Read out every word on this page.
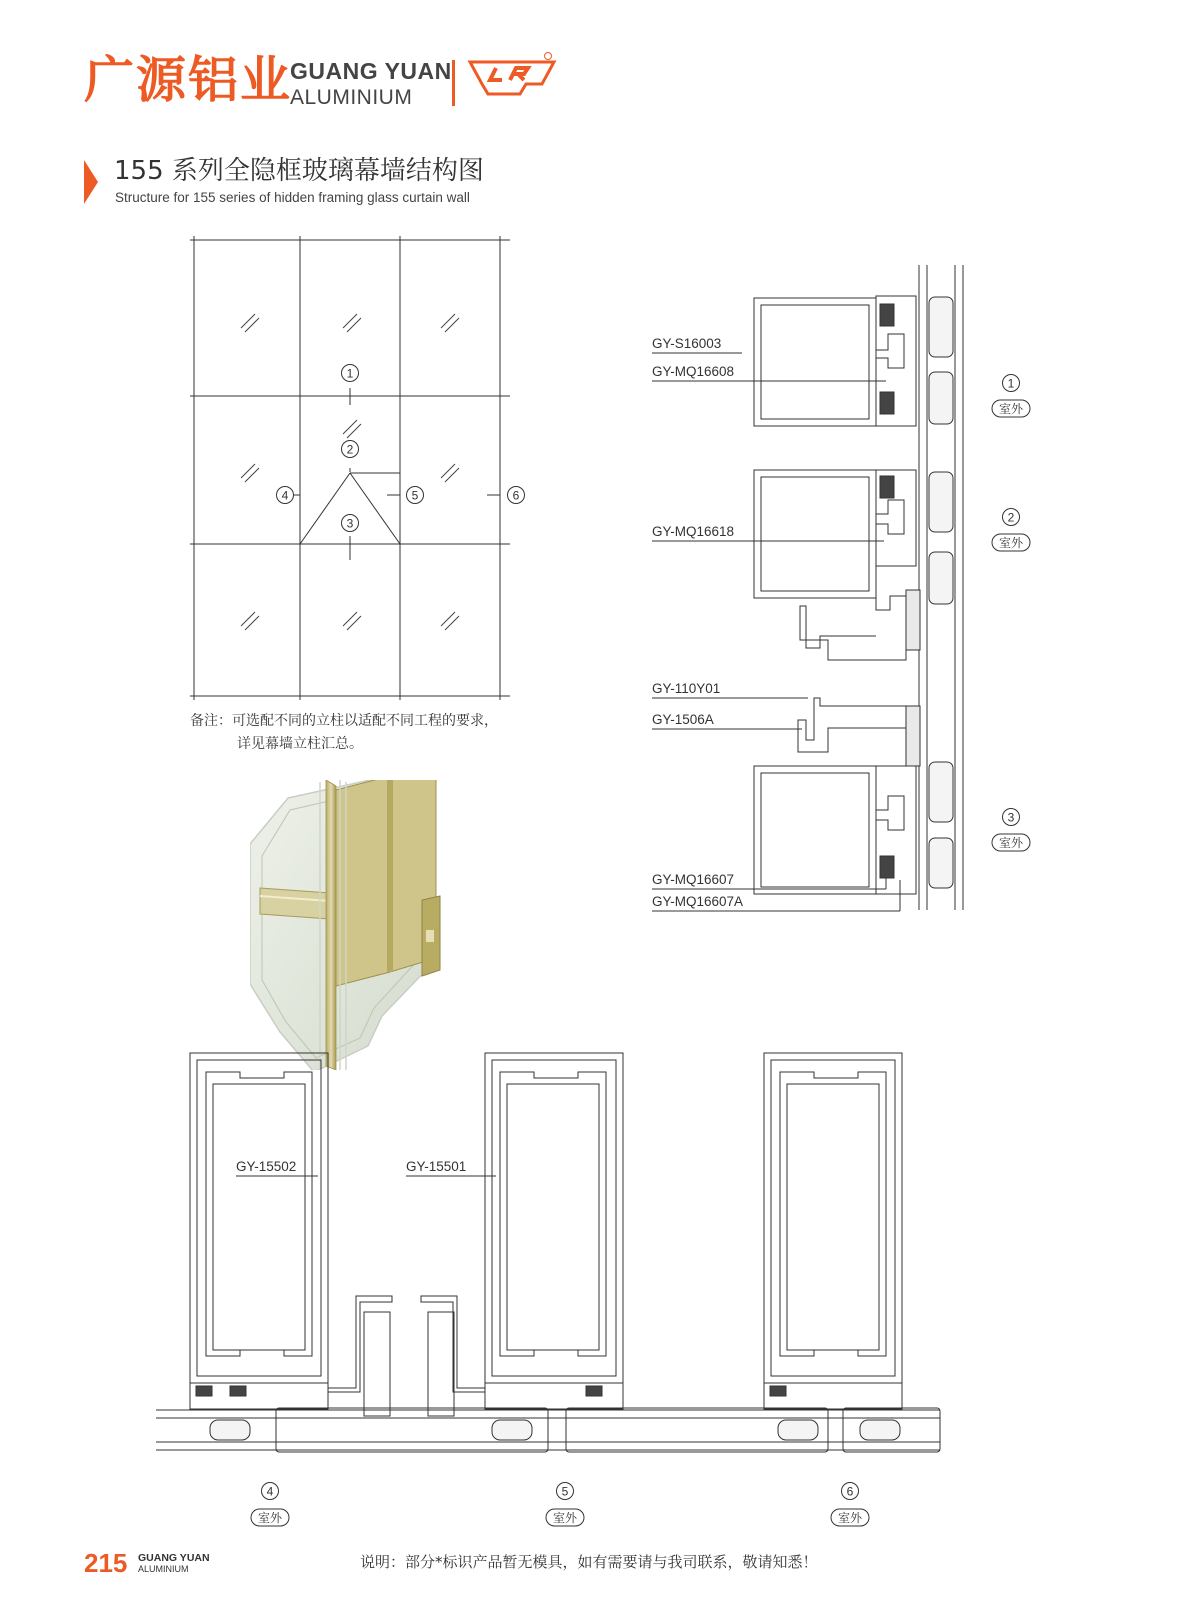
广源铝业
GUANG YUAN
ALUMINIUM
155 系列全隐框玻璃幕墙结构图
Structure for 155 series of hidden framing glass curtain wall
1
2
3
4	5	6
备注：可选配不同的立柱以适配不同工程的要求，
详见幕墙立柱汇总。
GY-S16003
GY-MQ16608
GY-MQ16618
GY-110Y01
GY-1506A
GY-MQ16607
GY-MQ16607A
1
2
3
室外
室外
室外
GY-15502	GY-15501
4	5	6
室外	室外	室外
215 GUANG YUAN
ALUMINIUM	说明：部分*标识产品暂无模具，如有需要请与我司联系，敬请知悉！
